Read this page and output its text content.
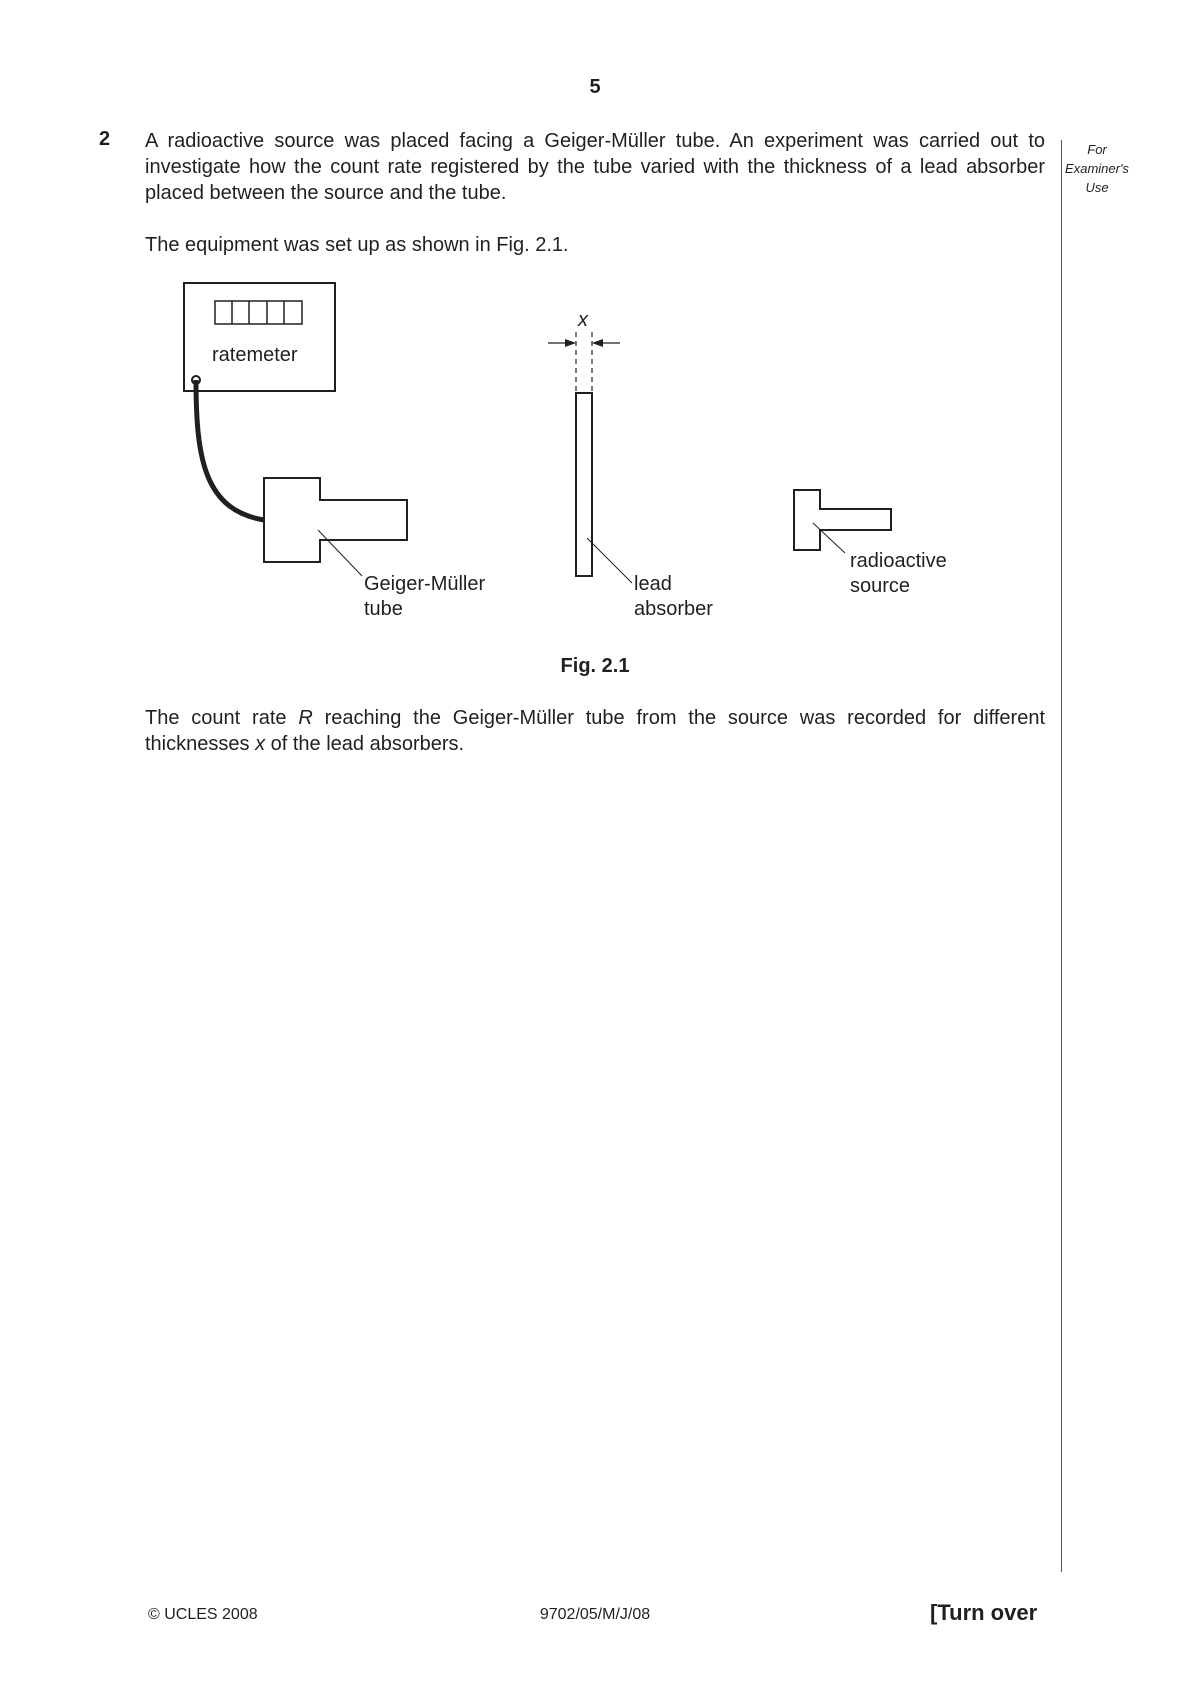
5
2 A radioactive source was placed facing a Geiger-Müller tube. An experiment was carried out to investigate how the count rate registered by the tube varied with the thickness of a lead absorber placed between the source and the tube.
The equipment was set up as shown in Fig. 2.1.
For
Examiner's
Use
ratemeter
x
Geiger-Müller
tube
lead
absorber
radioactive
source
Fig. 2.1
The count rate R reaching the Geiger-Müller tube from the source was recorded for different thicknesses x of the lead absorbers.
© UCLES 2008	9702/05/M/J/08	[Turn over
